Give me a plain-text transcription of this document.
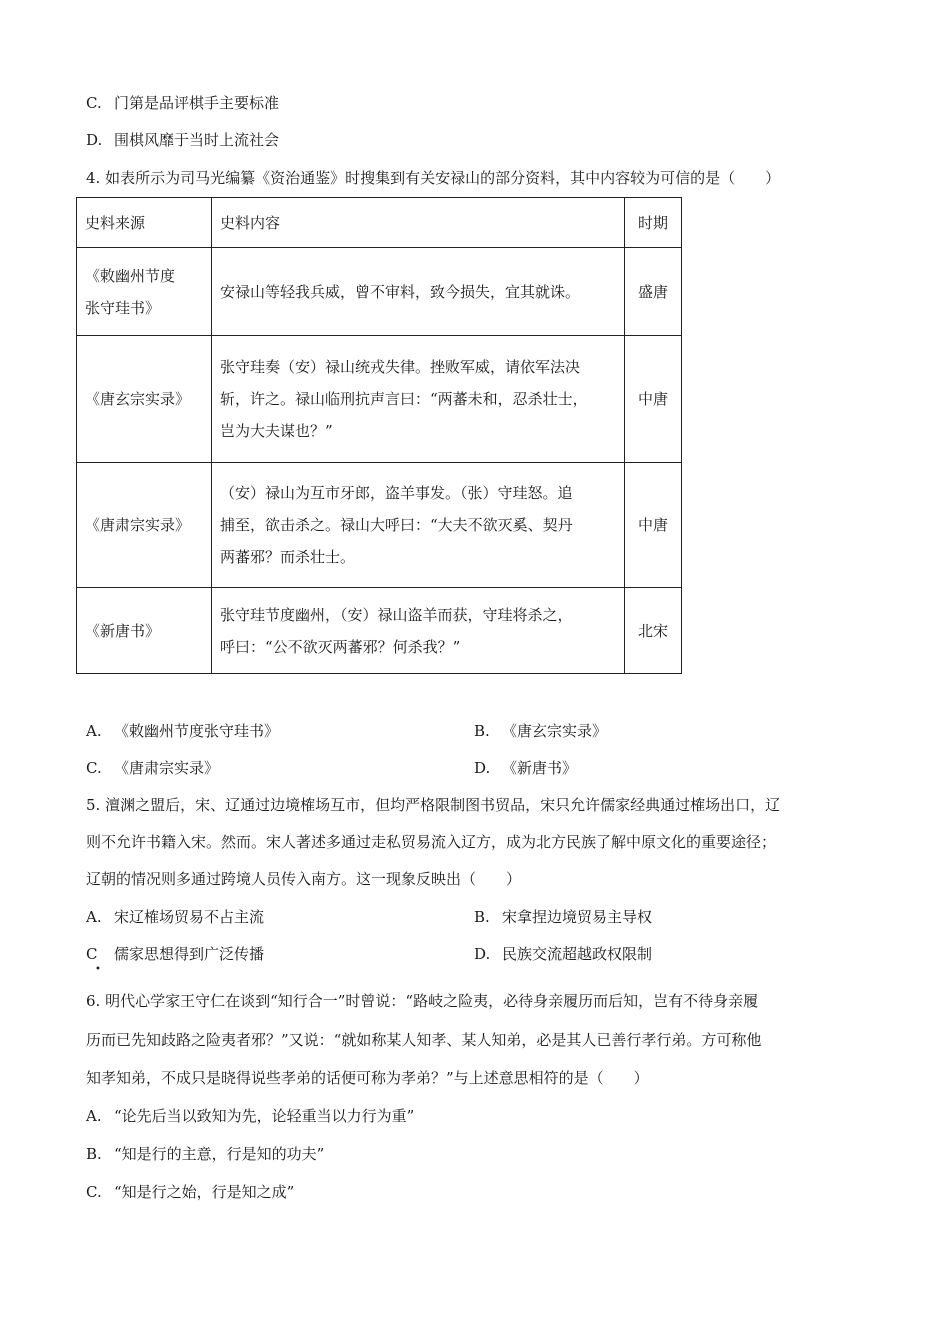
C. 门第是品评棋手主要标准
D. 围棋风靡于当时上流社会
4. 如表所示为司马光编纂《资治通鉴》时搜集到有关安禄山的部分资料，其中内容较为可信的是（　　）
史料来源	史料内容	时期

《敕幽州节度
张守珪书》	安禄山等轻我兵威，曾不审料，致今损失，宜其就诛。	盛唐

《唐玄宗实录》	张守珪奏（安）禄山统戎失律。挫败军威，请依军法决
斩，许之。禄山临刑抗声言曰：“两蕃未和，忍杀壮士，
岂为大夫谋也？”	中唐

《唐肃宗实录》	（安）禄山为互市牙郎，盗羊事发。（张）守珪怒。追
捕至，欲击杀之。禄山大呼曰：“大夫不欲灭奚、契丹
两蕃邪？而杀壮士。	中唐

《新唐书》	张守珪节度幽州，（安）禄山盗羊而获，守珪将杀之，
呼曰：“公不欲灭两蕃邪？何杀我？”	北宋
A. 《敕幽州节度张守珪书》	B. 《唐玄宗实录》
C. 《唐肃宗实录》	D. 《新唐书》
5. 澶渊之盟后，宋、辽通过边境榷场互市，但均严格限制图书贸品，宋只允许儒家经典通过榷场出口，辽
则不允许书籍入宋。然而。宋人著述多通过走私贸易流入辽方，成为北方民族了解中原文化的重要途径；
辽朝的情况则多通过跨境人员传入南方。这一现象反映出（　　）
A. 宋辽榷场贸易不占主流	B. 宋拿捏边境贸易主导权
C 儒家思想得到广泛传播
•
D. 民族交流超越政权限制
6. 明代心学家王守仁在谈到“知行合一”时曾说：“路岐之险夷，必待身亲履历而后知，岂有不待身亲履
历而已先知歧路之险夷者邪？”又说：“就如称某人知孝、某人知弟，必是其人已善行孝行弟。方可称他
知孝知弟，不成只是晓得说些孝弟的话便可称为孝弟？”与上述意思相符的是（　　）
A. “论先后当以致知为先，论轻重当以力行为重”
B. “知是行的主意，行是知的功夫”
C. “知是行之始，行是知之成”
